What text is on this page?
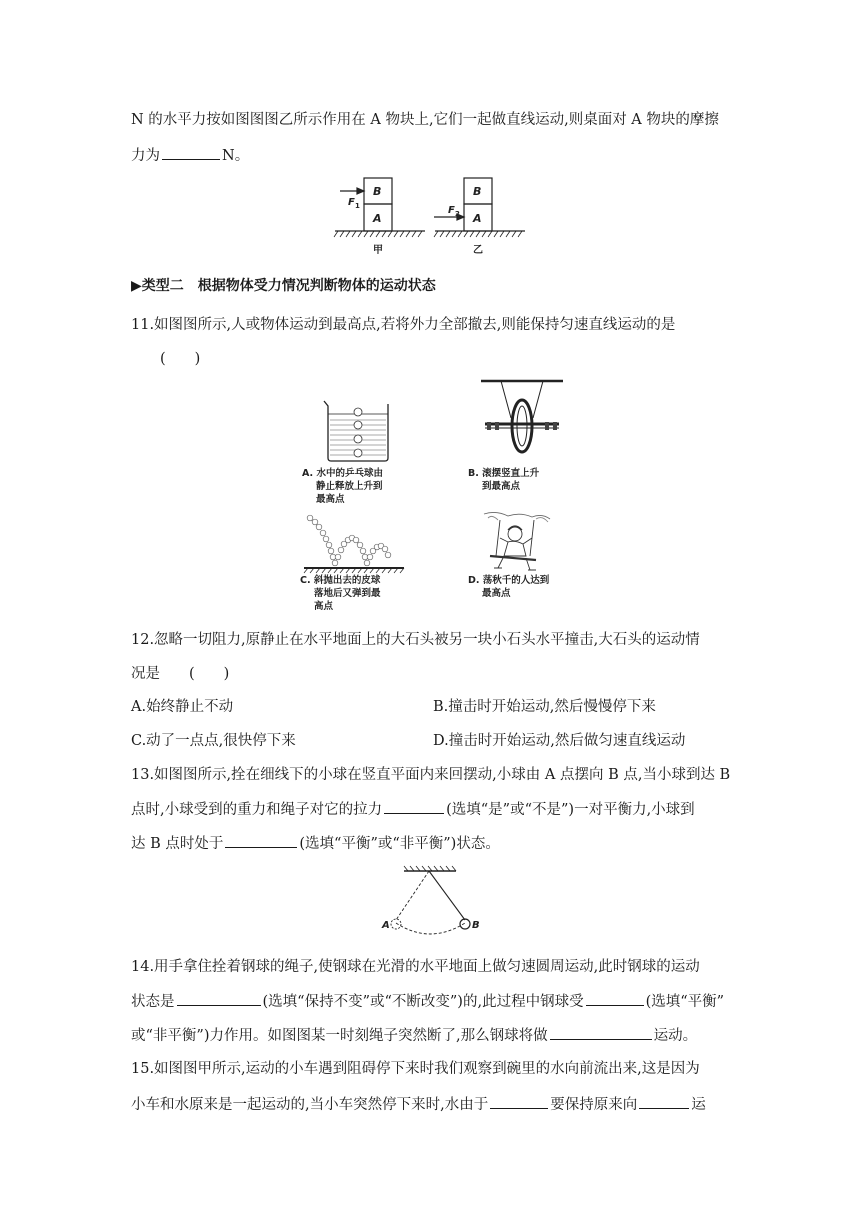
N 的水平力按如图图图乙所示作用在 A 物块上,它们一起做直线运动,则桌面对 A 物块的摩擦
力为	N。
B
A
B
A
F 1	F 2
甲	乙
▶类型二　根据物体受力情况判断物体的运动状态
11.如图图所示,人或物体运动到最高点,若将外力全部撤去,则能保持匀速直线运动的是
(　　)
A. 水中的乒乓球由
静止释放上升到
最高点
B. 滚摆竖直上升
到最高点
C. 斜抛出去的皮球
落地后又弹到最
高点
D. 荡秋千的人达到
最高点
12.忽略一切阻力,原静止在水平地面上的大石头被另一块小石头水平撞击,大石头的运动情
况是　　(　　)
A.始终静止不动	B.撞击时开始运动,然后慢慢停下来
C.动了一点点,很快停下来	D.撞击时开始运动,然后做匀速直线运动
13.如图图所示,拴在细线下的小球在竖直平面内来回摆动,小球由 A 点摆向 B 点,当小球到达 B
点时,小球受到的重力和绳子对它的拉力	(选填“是”或“不是”)一对平衡力,小球到
达 B 点时处于	(选填“平衡”或“非平衡”)状态。
A	B
14.用手拿住拴着钢球的绳子,使钢球在光滑的水平地面上做匀速圆周运动,此时钢球的运动
状态是	(选填“保持不变”或“不断改变”)的,此过程中钢球受	(选填“平衡”
或“非平衡”)力作用。如图图某一时刻绳子突然断了,那么钢球将做	运动。
15.如图图甲所示,运动的小车遇到阻碍停下来时我们观察到碗里的水向前流出来,这是因为
小车和水原来是一起运动的,当小车突然停下来时,水由于	要保持原来向	运
